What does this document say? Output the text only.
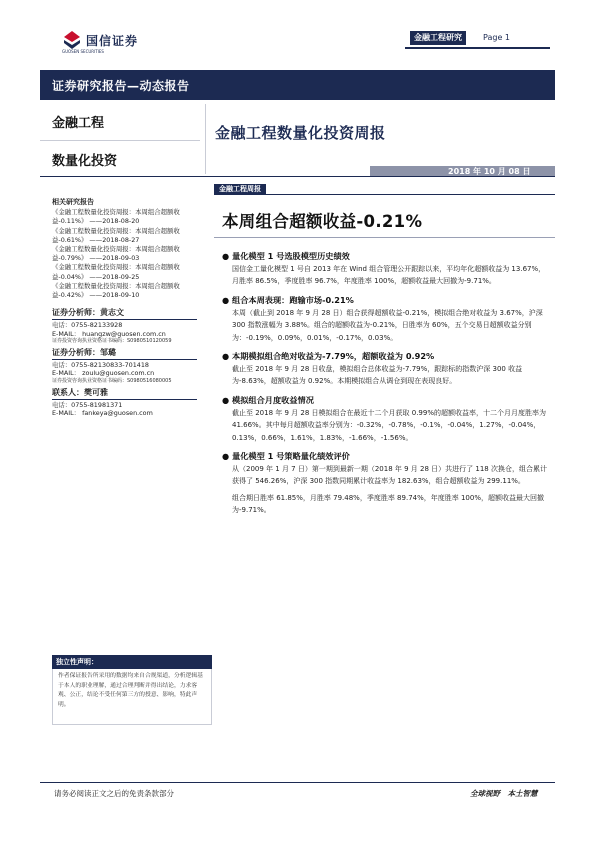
国信证券
GUOSEN SECURITIES
金融工程研究	Page 1
证券研究报告—动态报告
金融工程
数量化投资
金融工程数量化投资周报
2018 年 10 月 08 日
相关研究报告
《金融工程数量化投资周报：本周组合超额收益-0.11%》 ——2018-08-20
《金融工程数量化投资周报：本周组合超额收益-0.61%》 ——2018-08-27
《金融工程数量化投资周报：本周组合超额收益-0.79%》 ——2018-09-03
《金融工程数量化投资周报：本周组合超额收益-0.04%》 ——2018-09-25
《金融工程数量化投资周报：本周组合超额收益-0.42%》 ——2018-09-10
证券分析师：黄志文
电话：0755-82133928
E-MAIL： huangzw@guosen.com.cn
证券投资咨询执业资格证书编码：S0980510120059
证券分析师：邹璐
电话：0755-82130833-701418
E-MAIL： zoulu@guosen.com.cn
证券投资咨询执业资格证书编码：S0980516080005
联系人：樊可雅
电话：0755-81981371
E-MAIL： fankeya@guosen.com
金融工程周报
本周组合超额收益-0.21%
● 量化模型 1 号选股模型历史绩效

国信金工量化模型 1 号自 2013 年在 Wind 组合管理公开跟踪以来，平均年化超额收益为 13.67%，月胜率 86.5%，季度胜率 96.7%，年度胜率 100%，超额收益最大回撤为-9.71%。

● 组合本周表现：跑输市场-0.21%

本周（截止到 2018 年 9 月 28 日）组合获得超额收益-0.21%，模拟组合绝对收益为 3.67%，沪深 300 指数涨幅为 3.88%。组合的超额收益为-0.21%，日胜率为 60%，五个交易日超额收益分别为：-0.19%，0.09%，0.01%，-0.17%，0.03%。

● 本期模拟组合绝对收益为-7.79%，超额收益为 0.92%

截止至 2018 年 9 月 28 日收盘，模拟组合总体收益为-7.79%，跟踪标的指数沪深 300 收益为-8.63%，超额收益为 0.92%。本期模拟组合从调仓到现在表现良好。

● 模拟组合月度收益情况

截止至 2018 年 9 月 28 日模拟组合在最近十二个月获取 0.99%的超额收益率，十二个月月度胜率为 41.66%。其中每月超额收益率分别为：-0.32%，-0.78%，-0.1%，-0.04%，1.27%，-0.04%，0.13%，0.66%，1.61%，1.83%，-1.66%，-1.56%。

● 量化模型 1 号策略量化绩效评价

从（2009 年 1 月 7 日）第一期到最新一期（2018 年 9 月 28 日）共进行了 118 次换仓，组合累计获得了 546.26%，沪深 300 指数同期累计收益率为 182.63%，组合超额收益为 299.11%。

组合期日胜率 61.85%，月胜率 79.48%，季度胜率 89.74%，年度胜率 100%，超额收益最大回撤为-9.71%。

独立性声明：
作者保证报告所采用的数据均来自合规渠道，分析逻辑基于本人的职业理解，通过合理判断并得出结论，力求客观、公正，结论不受任何第三方的授意、影响，特此声明。
请务必阅读正文之后的免责条款部分	全球视野　本土智慧
